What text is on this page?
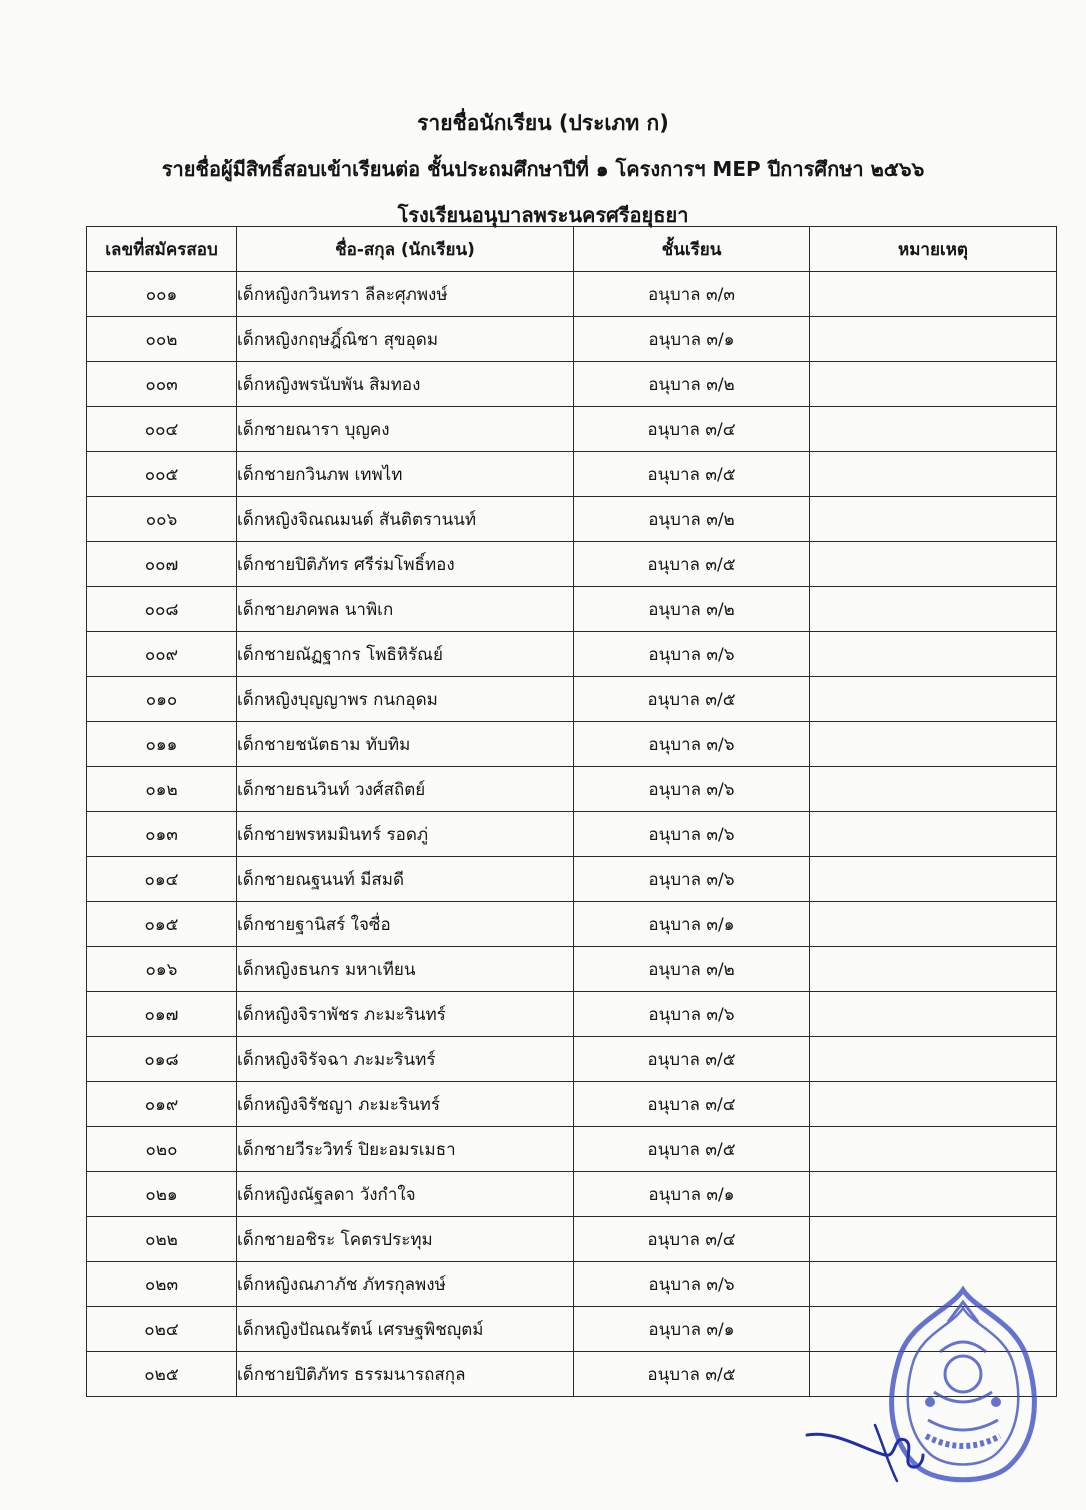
รายชื่อนักเรียน (ประเภท ก)
รายชื่อผู้มีสิทธิ์สอบเข้าเรียนต่อ ชั้นประถมศึกษาปีที่ ๑ โครงการฯ MEP ปีการศึกษา ๒๕๖๖
โรงเรียนอนุบาลพระนครศรีอยุธยา
เลขที่สมัครสอบ	ชื่อ-สกุล (นักเรียน)	ชั้นเรียน	หมายเหตุ
๐๐๑	เด็กหญิงกวินทรา ลีละศุภพงษ์	อนุบาล ๓/๓	
๐๐๒	เด็กหญิงกฤษฎิ์ณิชา สุขอุดม	อนุบาล ๓/๑	
๐๐๓	เด็กหญิงพรนับพัน สิมทอง	อนุบาล ๓/๒	
๐๐๔	เด็กชายณารา บุญคง	อนุบาล ๓/๔	
๐๐๕	เด็กชายกวินภพ เทพไท	อนุบาล ๓/๕	
๐๐๖	เด็กหญิงจิณณมนต์ สันติตรานนท์	อนุบาล ๓/๒	
๐๐๗	เด็กชายปิติภัทร ศรีร่มโพธิ์ทอง	อนุบาล ๓/๕	
๐๐๘	เด็กชายภคพล นาพิเก	อนุบาล ๓/๒	
๐๐๙	เด็กชายณัฏฐากร โพธิหิรัณย์	อนุบาล ๓/๖	
๐๑๐	เด็กหญิงบุญญาพร กนกอุดม	อนุบาล ๓/๕	
๐๑๑	เด็กชายชนัตธาม ทับทิม	อนุบาล ๓/๖	
๐๑๒	เด็กชายธนวินท์ วงศ์สถิตย์	อนุบาล ๓/๖	
๐๑๓	เด็กชายพรหมมินทร์ รอดภู่	อนุบาล ๓/๖	
๐๑๔	เด็กชายณฐนนท์ มีสมดี	อนุบาล ๓/๖	
๐๑๕	เด็กชายฐานิสร์ ใจซื่อ	อนุบาล ๓/๑	
๐๑๖	เด็กหญิงธนกร มหาเทียน	อนุบาล ๓/๒	
๐๑๗	เด็กหญิงจิราพัชร ภะมะรินทร์	อนุบาล ๓/๖	
๐๑๘	เด็กหญิงจิรัจฉา ภะมะรินทร์	อนุบาล ๓/๕	
๐๑๙	เด็กหญิงจิรัชญา ภะมะรินทร์	อนุบาล ๓/๔	
๐๒๐	เด็กชายวีระวิทร์ ปิยะอมรเมธา	อนุบาล ๓/๕	
๐๒๑	เด็กหญิงณัฐลดา วังกำใจ	อนุบาล ๓/๑	
๐๒๒	เด็กชายอชิระ โคตรประทุม	อนุบาล ๓/๔	
๐๒๓	เด็กหญิงณภาภัช ภัทรกุลพงษ์	อนุบาล ๓/๖	
๐๒๔	เด็กหญิงปัณณรัตน์ เศรษฐพิชญุตม์	อนุบาล ๓/๑	
๐๒๕	เด็กชายปิติภัทร ธรรมนารถสกุล	อนุบาล ๓/๕	
